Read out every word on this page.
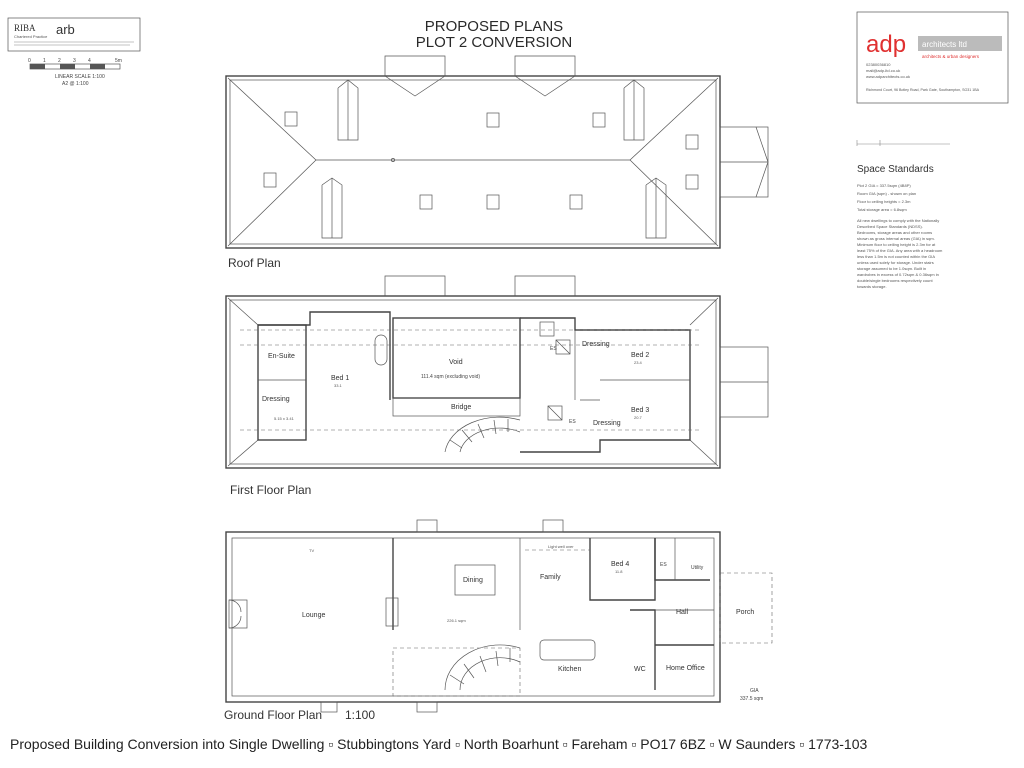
RIBA
Chartered Practice arb
0 1 2 3 4	5m
LINEAR SCALE 1:100
A2 @ 1:100
PROPOSED PLANS
PLOT 2 CONVERSION	adp architects ltd
architects & urban designers
02380036810
mail@adp-ltd.co.uk
www.adparchitects.co.uk
Richmond Court, 96 Botley Road, Park Gate, Southampton, SO31 1BA
Space Standards
Plot 2 GIA = 337.5sqm (4B8P)
Room GIA (sqm) - shown on plan
Floor to ceiling heights = 2.3m
Total storage area = 6.8sqm
All new dwellings to comply with the Nationally
Described Space Standards (NDSS).
Bedrooms, storage areas and other rooms
shown as gross internal areas (GIA) in sqm.
Minimum floor to ceiling height is 2.3m for at
least 75% of the GIA. Any area with a headroom
less than 1.5m is not counted within the GIA
unless used solely for storage. Under stairs
storage assumed to be 1.0sqm. Built in
wardrobes in excess of 0.72sqm & 0.36sqm in
double/single bedrooms respectively count
towards storage.
Roof Plan
En-Suite
Dressing
5.15 x 3.41
Bed 1
33.1
Void
111.4 sqm (excluding void)
Bridge
ES
Dressing
Bed 2
23.4
ES
Bed 3
20.7
Dressing
First Floor Plan
TV
Lounge
Dining
226.1 sqm
Light well over
Family
Bed 4
11.8
ES	Utility
Hall	Porch
Kitchen	WC	Home Office
GIA
337.5 sqm
Ground Floor Plan 1:100
Proposed Building Conversion into Single Dwelling ▫ Stubbingtons Yard ▫ North Boarhunt ▫ Fareham ▫ PO17 6BZ ▫ W Saunders ▫ 1773-103
